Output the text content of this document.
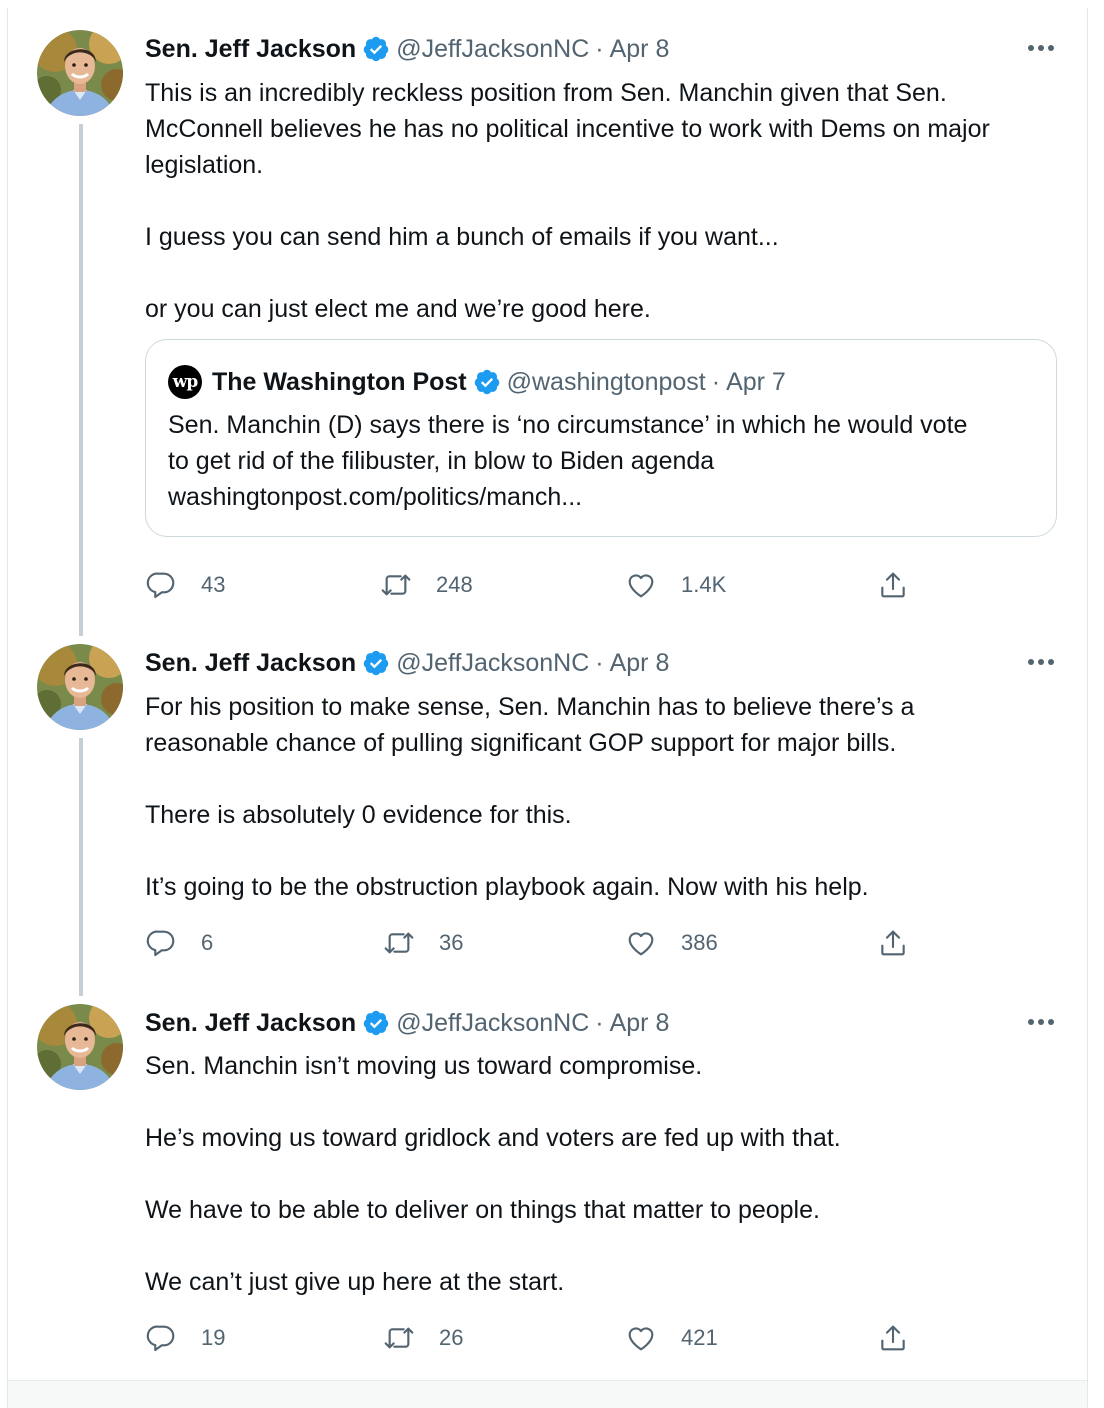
Sen. Jeff Jackson @JeffJacksonNC · Apr 8

This is an incredibly reckless position from Sen. Manchin given that Sen. McConnell believes he has no political incentive to work with Dems on major legislation.

I guess you can send him a bunch of emails if you want...

or you can just elect me and we’re good here.

wp The Washington Post @washingtonpost · Apr 7
Sen. Manchin (D) says there is ‘no circumstance’ in which he would vote
to get rid of the filibuster, in blow to Biden agenda
washingtonpost.com/politics/manch...
43	248	1.4K
Sen. Jeff Jackson @JeffJacksonNC · Apr 8

For his position to make sense, Sen. Manchin has to believe there’s a reasonable chance of pulling significant GOP support for major bills.

There is absolutely 0 evidence for this.

It’s going to be the obstruction playbook again. Now with his help.

6	36	386
Sen. Jeff Jackson @JeffJacksonNC · Apr 8

Sen. Manchin isn’t moving us toward compromise.

He’s moving us toward gridlock and voters are fed up with that.

We have to be able to deliver on things that matter to people.

We can’t just give up here at the start.

19	26	421
